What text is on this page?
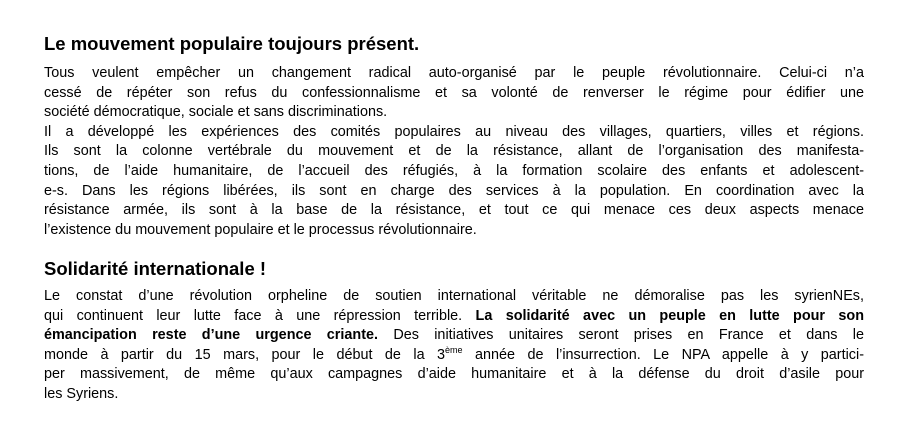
Le mouvement populaire toujours présent.
Tous veulent empêcher un changement radical auto-organisé par le peuple révolutionnaire. Celui-ci n’a
cessé de répéter son refus du confessionnalisme et sa volonté de renverser le régime pour édifier une
société démocratique, sociale et sans discriminations.
Il a développé les expériences des comités populaires au niveau des villages, quartiers, villes et régions.
Ils sont la colonne vertébrale du mouvement et de la résistance, allant de l’organisation des manifesta-
tions, de l’aide humanitaire, de l’accueil des réfugiés, à la formation scolaire des enfants et adolescent-
e-s. Dans les régions libérées, ils sont en charge des services à la population. En coordination avec la
résistance armée, ils sont à la base de la résistance, et tout ce qui menace ces deux aspects menace
l’existence du mouvement populaire et le processus révolutionnaire.
Solidarité internationale !
Le constat d’une révolution orpheline de soutien international véritable ne démoralise pas les syrienNEs,
qui continuent leur lutte face à une répression terrible. La solidarité avec un peuple en lutte pour son
émancipation reste d’une urgence criante. Des initiatives unitaires seront prises en France et dans le
monde à partir du 15 mars, pour le début de la 3ème année de l’insurrection. Le NPA appelle à y partici-
per massivement, de même qu’aux campagnes d’aide humanitaire et à la défense du droit d’asile pour
les Syriens.
